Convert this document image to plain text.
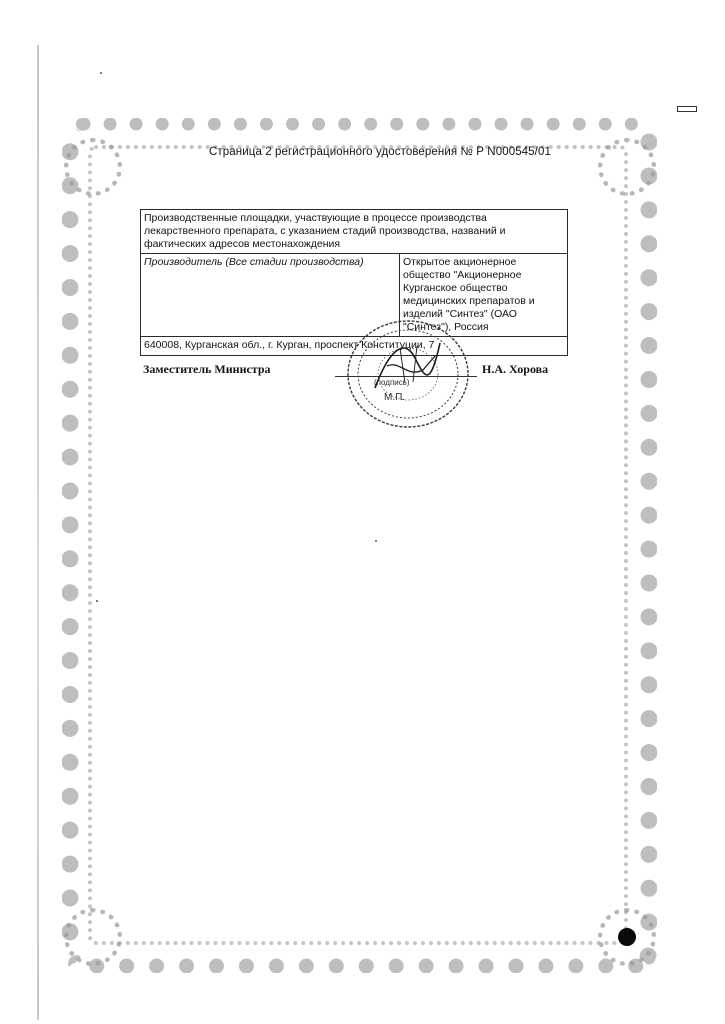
Страница 2 регистрационного удостоверения № Р N000545/01
Производственные площадки, участвующие в процессе производства лекарственного препарата, с указанием стадий производства, названий и фактических адресов местонахождения
Производитель (Все стадии производства)	Открытое акционерное общество "Акционерное Курганское общество медицинских препаратов и изделий "Синтез" (ОАО "Синтез"), Россия
640008, Курганская обл., г. Курган, проспект Конституции, 7
Заместитель Министра
(подпись)
М.П.
Н.А. Хорова
